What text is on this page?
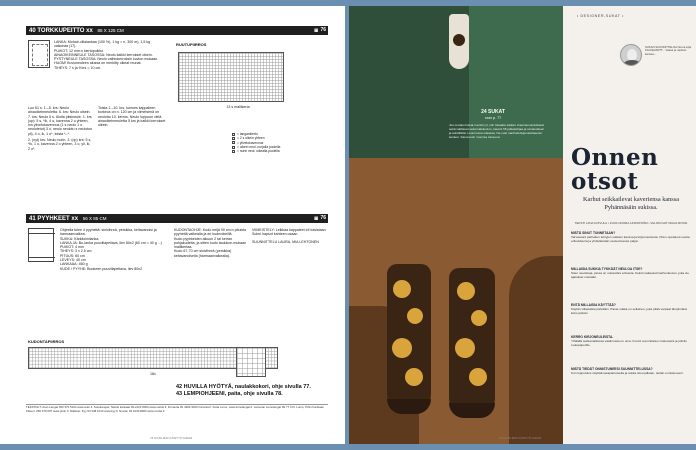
40 TORKKUPEITTO xx 85 X 125 CM	◙ 76
LANKA: Mohair-villalankaa (100 %), 1 kg = n. 300 m), 1,5 kg valkoista (17).
PUIKOT: 12 mm:n kiertopuikko
AINAOIKEINNEULE TASOSSA: Neulo kaikki kerrokset oikein.
PYSTYNEULE TASOSSA: Neulo vaihtokerroksin kuvion mukaan. HUOM! Kuvioneuleen alussa on merkitty oikeat reunat.
TIHEYS: 7 s ja 9 krs = 10 cm.
Luo 61 s. 1.–5. krs: Neulo ainaoikeinneuletta. 6. krs: Neulo oikein. 7. krs: Neulo 5 s. Aloita pitsineule. 1. krs (op): 5 s, *lk, 4 o, kavenna 2 o yhteen, lnn ylivetokavennus (1 s neulo 1 o neulotetut) 3 o, neulo neulotu s neulotun yli), 4 o, lk, 1 o*, toista *–*.
2. (nyt) krs: Neulo nurin. 3. (op) krs: 5 s, *lk, 1 o, kavenna 2 o yhteen, 3 o, yli, lk, 2 o*.
Toista 1.–10. krs, kunnes kappaleen korkeus on n. 120 cm ja viimeisenä on neulottu 10. kerros. Neulo loppuun vielä ainaoikeinneuletta 5 krs ja kaikki kerrokset oikein.
RUUTUPIIRROS
13 s mallikerta
= langankierto
= 2 s oikein yhteen
= ylivetokavennus
= oikein neul. nurjalla puolella
= nurin neul. oikealla puolella
41 PYYHKEET xx 56 X 85 CM	◙ 76
Ohjeella tulee 4 pyyhettä: sinivihreä, persikka, keltavanoisi ja harmaanvalkea.
SUKKA: Kärkiloimilanka.
LANKA JA: Bo-lanka puuvillapellava, liev 80x2 (60 cm = 40 g ...)
PUIKOT: 4 mm
TIHEYS: 3 x 2.5 cm
PITUUS: 60 cm
LEVEYS: 40 cm
LANKAAA: 460 g
KUDE / PYYHE: Bookeen puuvillapellava, liev 80x2
KUDONTAOHJE: Kudo neljä 90 cm:n pituista pyyhettä valkealla ja eri kudeväreillä.
Kudo pyyhkeiden alkuun 2 tai kerran pohjakudetta, ja sitten kudo taulukon mukaan mallikertaa.
Kudo 67-70 cm sinivihreä (persikka) keltavanoisella (harmaanvalkealla).
VIIMEISTELY: Leikkaa kappaleet irti toisistaan. Solmi hapsut kahteen osaan.
SUUNNITTELU LAURA, MIA LEHTONEN
KUDONTAPIIRROS
18x
42 HUVILLA HYÖTYÄ, naulakkokori, ohje sivulla 77.
43 LEMPIOHJEENI, paita, ohje sivulla 78.
TEKSTIILIT: Aran Langat 050 370 5104 www.aran.fi. Surekangas: Netluk kankaat 09-2123 8000 www.netluk.fi. Finnanta 09 4369 3033 finnanta.fi. Kotia Lumo, www.lumolangat.fi. Lamenar Lumolangat 09 77 473. Lumo, Pirtin Kankaan Filsteri: 050 379 697 www.pirtin.fi. Nikkiset: Kyy 03 348 1010 www.kyy.fi. Novita: 03 1030 8000 www.novita.fi.
74 KOTILIESI KÄSITYÖ 6/2024
24 SUKAT
xxxx p. 77
Jos mutaisi kuivat meniä nyt, niin lokaalta sisään. Kaarnamuistuttavat sekä valittavat satunnaiskuvion, kaunis 55 jalkapohjaa ja rantavoiteen ja tekstiilistä. Luonnossa sukassa. Ne ovat nauhoitettuja talvisiaeren kesken. Sama kuin muunsa toiveena.
• DESIGNER-SUKAT •
SUKAN SUUNNITTELIJA Noora Lilja KALVEVARTT... Vaasa ja nauhan kanssa...
Onnen otsot
Karhut seikkailevat kaveriensa kanssa Pyhännäsäin sukissa.
TEKSTI LIINA KOIVULA • KUVA NOORA LINDSTRÖM • VALOKUVAT MAIJA ROSSI
MISTÄ SINUT TUNNETAAN?
Varvassani parhaiten tehtyjen sukkien kanssa ja kirjonneuleista. Ohen opettanut useita erikoisfeuria ja yhdistämään neulemisessa paljon.
MILLAISIA SUKKIA TYKKÄÄT NEULOA ITSE?
Siten neulottuja, joissa on mielestäni erikoista. Keksin taitavasti karhunkuvion, joka vie ajatukset metsään.
ENTÄ MILLAISIA KÄYTTÄÄ?
Käytän villasukkia päivittäin. Paras sukka on sellainen, joka pitää varpaat lämpimänä koko päivän.
KERRO KIRJONEULEISTA.
Ylhäällä sukkamalleissa vaatimusta on oma. Kuviot suunnittelen mielessäni ja piirrän ruutupaperille.
MISTÄ TIEDÄT ONNISTUNEESI SUUNNITTELUSSA?
Kun lopputulos näyttää tasapainoiselta ja sukka istuu jalkaan, tiedän onnistuneeni.
75 KOTILIESI KÄSITYÖ 6/2024
